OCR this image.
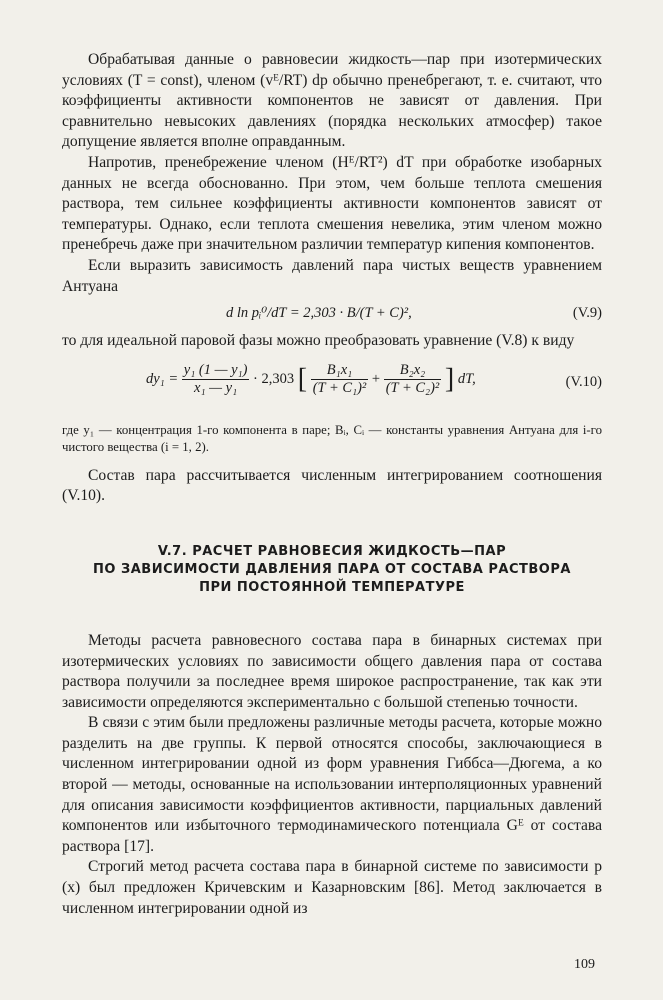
Обрабатывая данные о равновесии жидкость—пар при изотермических условиях (T = const), членом (vᴱ/RT) dp обычно пренебрегают, т. е. считают, что коэффициенты активности компонентов не зависят от давления. При сравнительно невысоких давлениях (порядка нескольких атмосфер) такое допущение является вполне оправданным.

Напротив, пренебрежение членом (Hᴱ/RT²) dT при обработке изобарных данных не всегда обоснованно. При этом, чем больше теплота смешения раствора, тем сильнее коэффициенты активности компонентов зависят от температуры. Однако, если теплота смешения невелика, этим членом можно пренебречь даже при значительном различии температур кипения компонентов.

Если выразить зависимость давлений пара чистых веществ уравнением Антуана

d ln pᵢ⁰/dT = 2,303 · B/(T + C)²,	(V.9)

то для идеальной паровой фазы можно преобразовать уравнение (V.8) к виду

$dy_1 = \frac{\text{y₁ (1 — y₁)}}{\text{x₁ — y₁}} \cdot 2,303$ [ $\frac{\text{B₁x₁}}{\text{(T + C₁)²}} + \frac{\text{B₂x₂}}{\text{(T + C₂)²}}$ ] dT,	(V.10)

где y₁ — концентрация 1-го компонента в паре; Bᵢ, Cᵢ — константы уравнения Антуана для i-го чистого вещества (i = 1, 2).

Состав пара рассчитывается численным интегрированием соотношения (V.10).

V.7. РАСЧЕТ РАВНОВЕСИЯ ЖИДКОСТЬ—ПАР
ПО ЗАВИСИМОСТИ ДАВЛЕНИЯ ПАРА ОТ СОСТАВА РАСТВОРА
ПРИ ПОСТОЯННОЙ ТЕМПЕРАТУРЕ

Методы расчета равновесного состава пара в бинарных системах при изотермических условиях по зависимости общего давления пара от состава раствора получили за последнее время широкое распространение, так как эти зависимости определяются экспериментально с большой степенью точности.

В связи с этим были предложены различные методы расчета, которые можно разделить на две группы. К первой относятся способы, заключающиеся в численном интегрировании одной из форм уравнения Гиббса—Дюгема, а ко второй — методы, основанные на использовании интерполяционных уравнений для описания зависимости коэффициентов активности, парциальных давлений компонентов или избыточного термодинамического потенциала Gᴱ от состава раствора [17].

Строгий метод расчета состава пара в бинарной системе по зависимости p (x) был предложен Кричевским и Казарновским [86]. Метод заключается в численном интегрировании одной из

109
